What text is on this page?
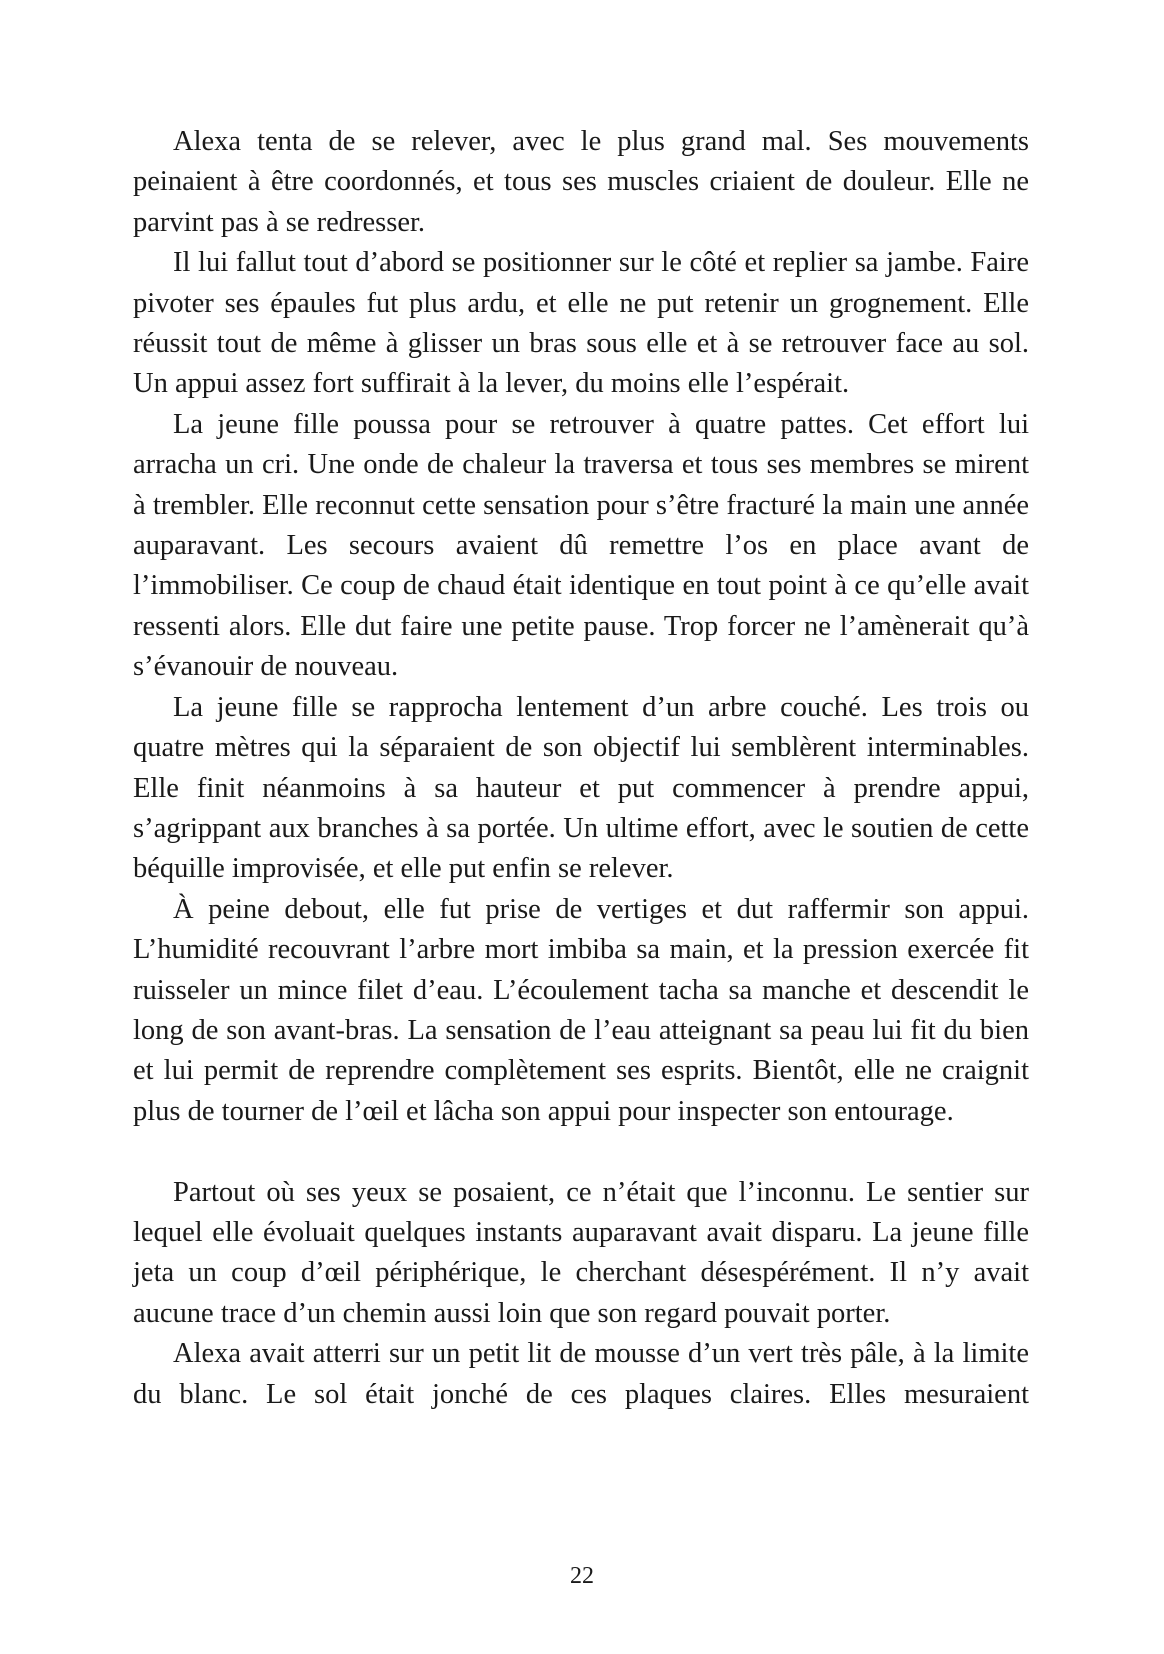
Alexa tenta de se relever, avec le plus grand mal. Ses mouvements peinaient à être coordonnés, et tous ses muscles criaient de douleur. Elle ne parvint pas à se redresser.

Il lui fallut tout d’abord se positionner sur le côté et replier sa jambe. Faire pivoter ses épaules fut plus ardu, et elle ne put retenir un grognement. Elle réussit tout de même à glisser un bras sous elle et à se retrouver face au sol. Un appui assez fort suffirait à la lever, du moins elle l’espérait.

La jeune fille poussa pour se retrouver à quatre pattes. Cet effort lui arracha un cri. Une onde de chaleur la traversa et tous ses membres se mirent à trembler. Elle reconnut cette sensation pour s’être fracturé la main une année auparavant. Les secours avaient dû remettre l’os en place avant de l’immobiliser. Ce coup de chaud était identique en tout point à ce qu’elle avait ressenti alors. Elle dut faire une petite pause. Trop forcer ne l’amènerait qu’à s’évanouir de nouveau.

La jeune fille se rapprocha lentement d’un arbre couché. Les trois ou quatre mètres qui la séparaient de son objectif lui semblèrent interminables. Elle finit néanmoins à sa hauteur et put commencer à prendre appui, s’agrippant aux branches à sa portée. Un ultime effort, avec le soutien de cette béquille improvisée, et elle put enfin se relever.

À peine debout, elle fut prise de vertiges et dut raffermir son appui. L’humidité recouvrant l’arbre mort imbiba sa main, et la pression exercée fit ruisseler un mince filet d’eau. L’écoulement tacha sa manche et descendit le long de son avant-bras. La sensation de l’eau atteignant sa peau lui fit du bien et lui permit de reprendre complètement ses esprits. Bientôt, elle ne craignit plus de tourner de l’œil et lâcha son appui pour inspecter son entourage.

Partout où ses yeux se posaient, ce n’était que l’inconnu. Le sentier sur lequel elle évoluait quelques instants auparavant avait disparu. La jeune fille jeta un coup d’œil périphérique, le cherchant désespérément. Il n’y avait aucune trace d’un chemin aussi loin que son regard pouvait porter.

Alexa avait atterri sur un petit lit de mousse d’un vert très pâle, à la limite du blanc. Le sol était jonché de ces plaques claires. Elles mesuraient

22
